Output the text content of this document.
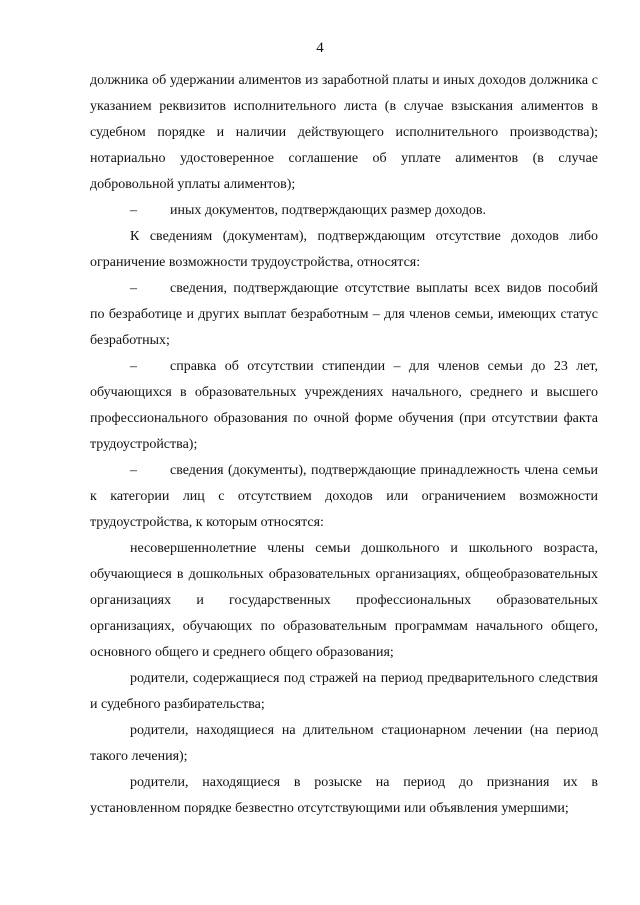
4

должника об удержании алиментов из заработной платы и иных доходов должника с указанием реквизитов исполнительного листа (в случае взыскания алиментов в судебном порядке и наличии действующего исполнительного производства); нотариально удостоверенное соглашение об уплате алиментов (в случае добровольной уплаты алиментов);

– иных документов, подтверждающих размер доходов.

К сведениям (документам), подтверждающим отсутствие доходов либо ограничение возможности трудоустройства, относятся:

– сведения, подтверждающие отсутствие выплаты всех видов пособий по безработице и других выплат безработным – для членов семьи, имеющих статус безработных;

– справка об отсутствии стипендии – для членов семьи до 23 лет, обучающихся в образовательных учреждениях начального, среднего и высшего профессионального образования по очной форме обучения (при отсутствии факта трудоустройства);

– сведения (документы), подтверждающие принадлежность члена семьи к категории лиц с отсутствием доходов или ограничением возможности трудоустройства, к которым относятся:

несовершеннолетние члены семьи дошкольного и школьного возраста, обучающиеся в дошкольных образовательных организациях, общеобразовательных организациях и государственных профессиональных образовательных организациях, обучающих по образовательным программам начального общего, основного общего и среднего общего образования;

родители, содержащиеся под стражей на период предварительного следствия и судебного разбирательства;

родители, находящиеся на длительном стационарном лечении (на период такого лечения);

родители, находящиеся в розыске на период до признания их в установленном порядке безвестно отсутствующими или объявления умершими;
